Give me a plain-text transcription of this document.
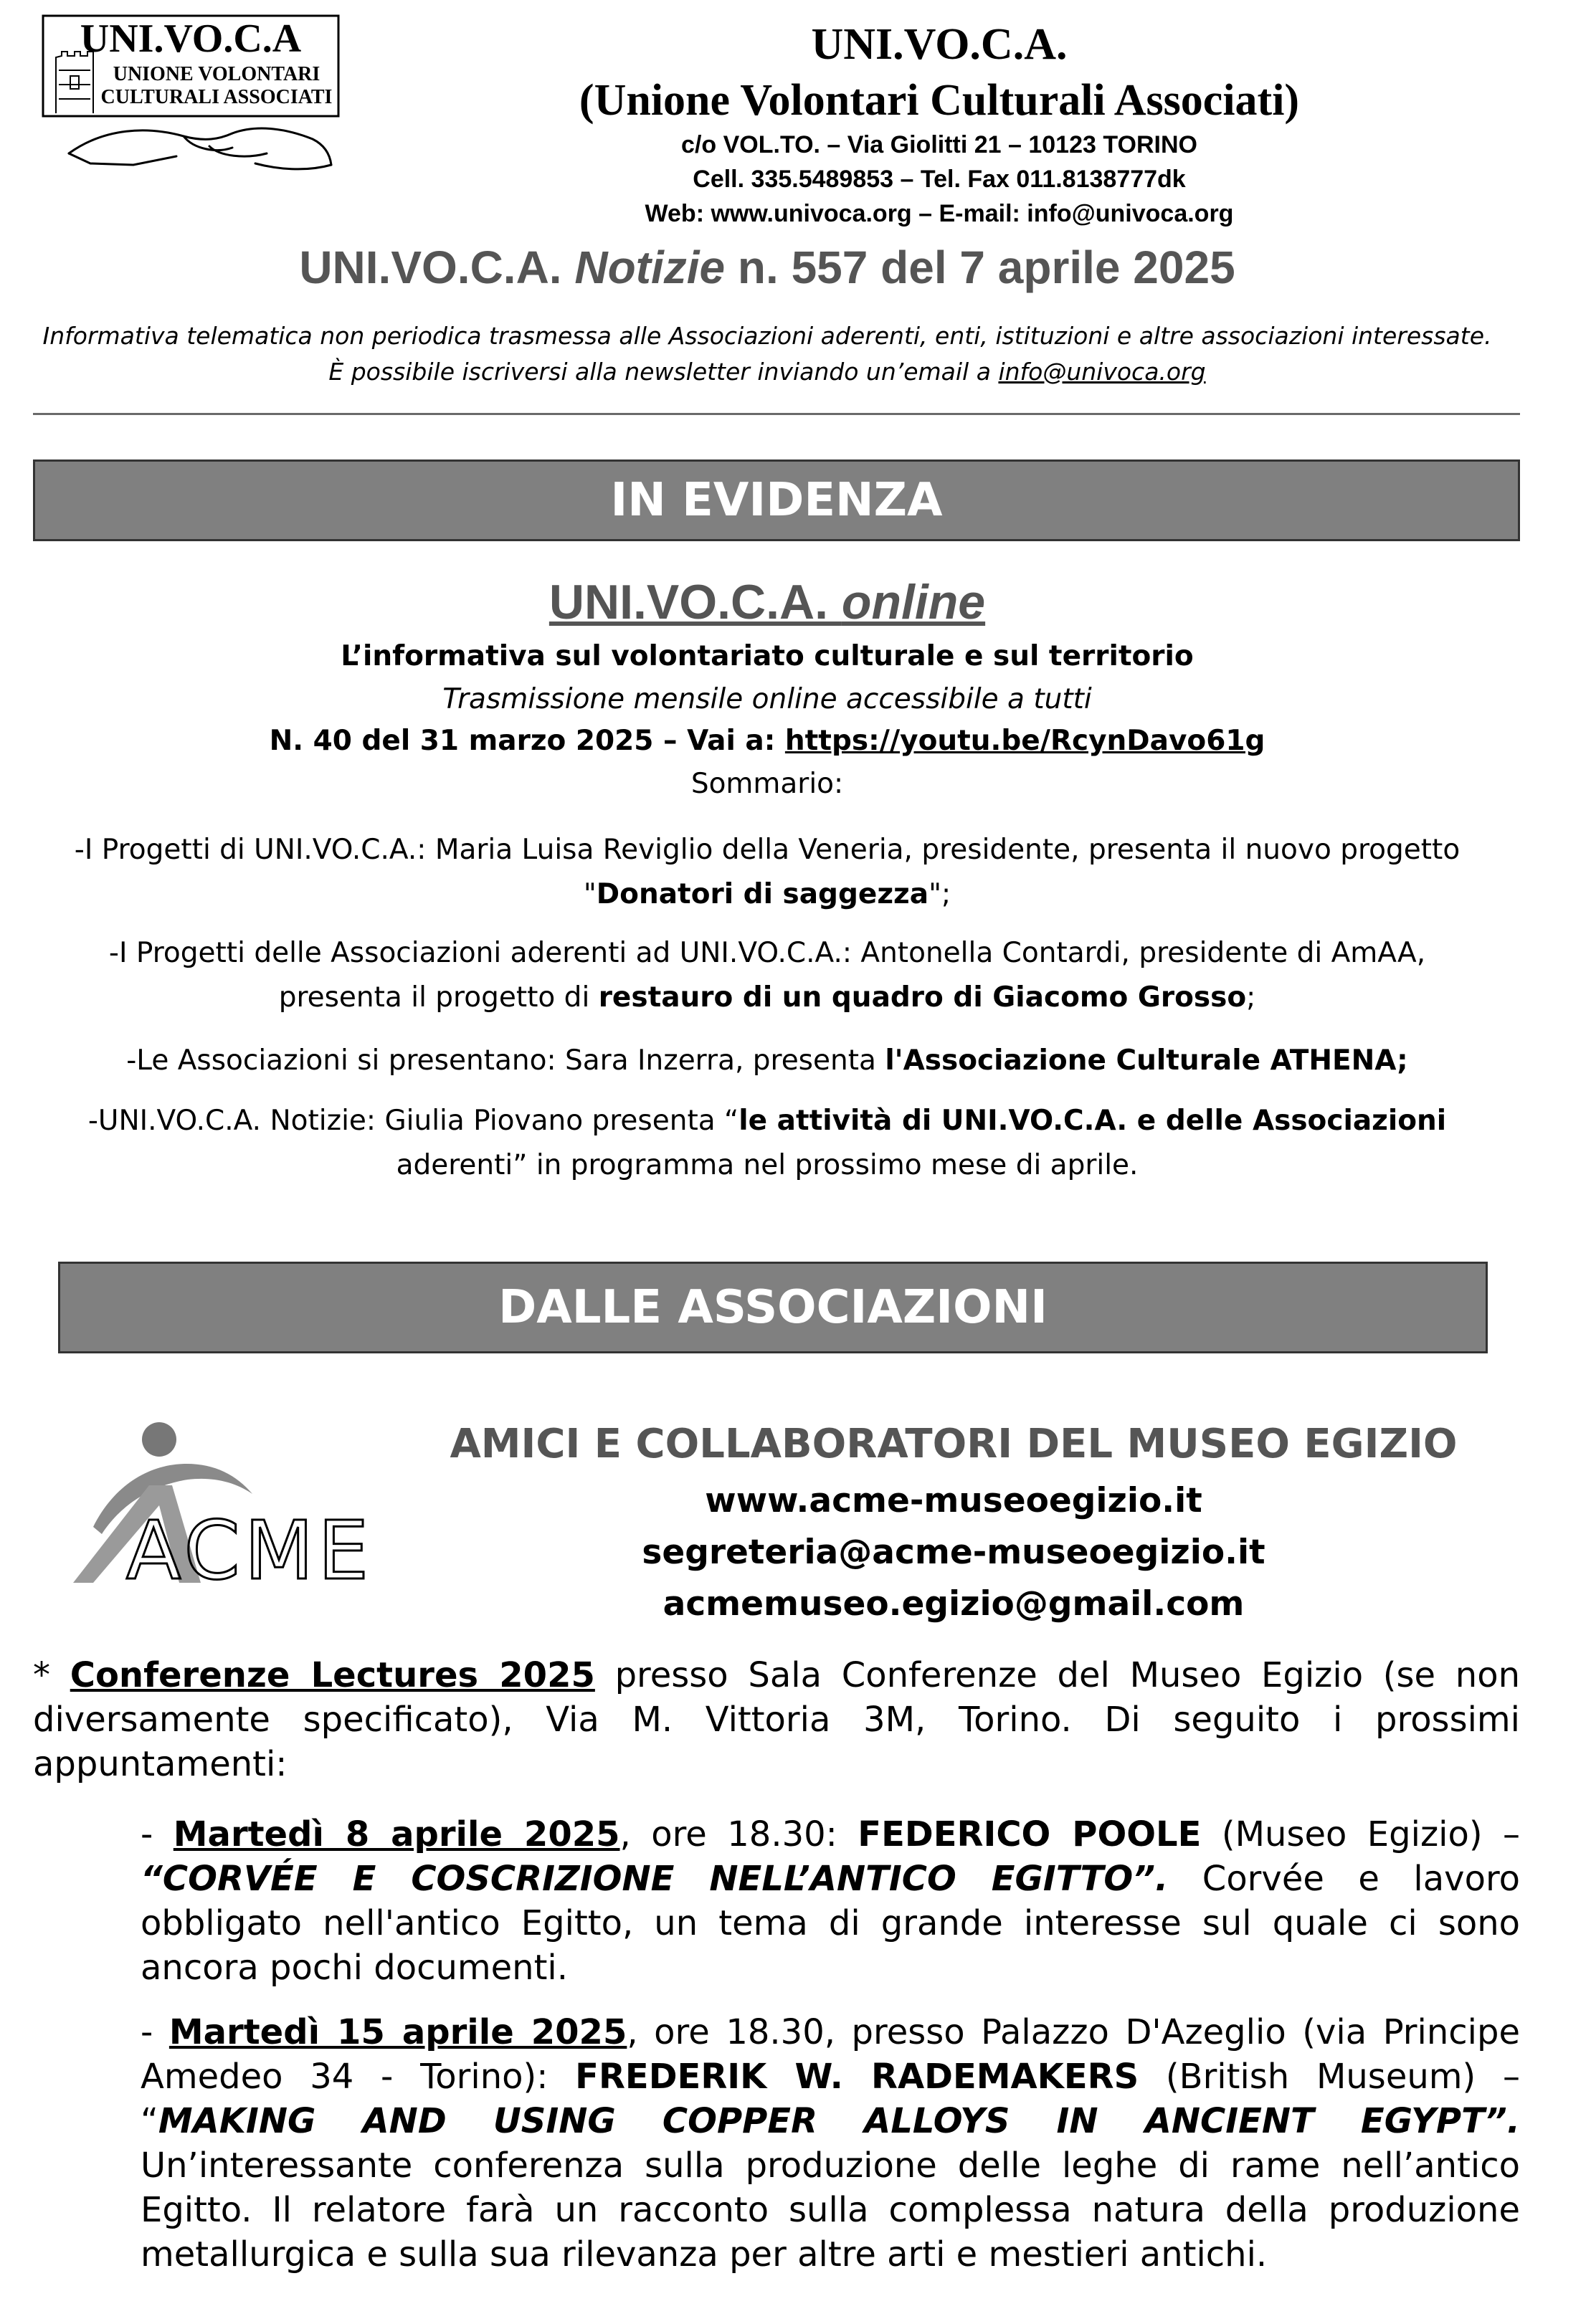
UNI.VO.C.A
UNIONE VOLONTARI
CULTURALI ASSOCIATI
UNI.VO.C.A.
(Unione Volontari Culturali Associati)
c/o VOL.TO. – Via Giolitti 21 – 10123 TORINO
Cell. 335.5489853 – Tel. Fax 011.8138777dk
Web: www.univoca.org – E-mail: info@univoca.org
UNI.VO.C.A. Notizie n. 557 del 7 aprile 2025
Informativa telematica non periodica trasmessa alle Associazioni aderenti, enti, istituzioni e altre associazioni interessate.
È possibile iscriversi alla newsletter inviando un’email a info@univoca.org
IN EVIDENZA
UNI.VO.C.A. online
L’informativa sul volontariato culturale e sul territorio
Trasmissione mensile online accessibile a tutti
N. 40 del 31 marzo 2025 – Vai a: https://youtu.be/RcynDavo61g
Sommario:
-I Progetti di UNI.VO.C.A.: Maria Luisa Reviglio della Veneria, presidente, presenta il nuovo progetto
"Donatori di saggezza";
-I Progetti delle Associazioni aderenti ad UNI.VO.C.A.: Antonella Contardi, presidente di AmAA,
presenta il progetto di restauro di un quadro di Giacomo Grosso;
-Le Associazioni si presentano: Sara Inzerra, presenta l'Associazione Culturale ATHENA;
-UNI.VO.C.A. Notizie: Giulia Piovano presenta “le attività di UNI.VO.C.A. e delle Associazioni
aderenti” in programma nel prossimo mese di aprile.
DALLE ASSOCIAZIONI
ACME
AMICI E COLLABORATORI DEL MUSEO EGIZIO
www.acme-museoegizio.it
segreteria@acme-museoegizio.it
acmemuseo.egizio@gmail.com
* Conferenze Lectures 2025 presso Sala Conferenze del Museo Egizio (se non diversamente specificato), Via M. Vittoria 3M, Torino. Di seguito i prossimi appuntamenti:
- Martedì 8 aprile 2025, ore 18.30: FEDERICO POOLE (Museo Egizio) – “CORVÉE E COSCRIZIONE NELL’ANTICO EGITTO”. Corvée e lavoro obbligato nell'antico Egitto, un tema di grande interesse sul quale ci sono ancora pochi documenti.
- Martedì 15 aprile 2025, ore 18.30, presso Palazzo D'Azeglio (via Principe Amedeo 34 - Torino): FREDERIK W. RADEMAKERS (British Museum) – “MAKING AND USING COPPER ALLOYS IN ANCIENT EGYPT”. Un’interessante conferenza sulla produzione delle leghe di rame nell’antico Egitto. Il relatore farà un racconto sulla complessa natura della produzione metallurgica e sulla sua rilevanza per altre arti e mestieri antichi.
